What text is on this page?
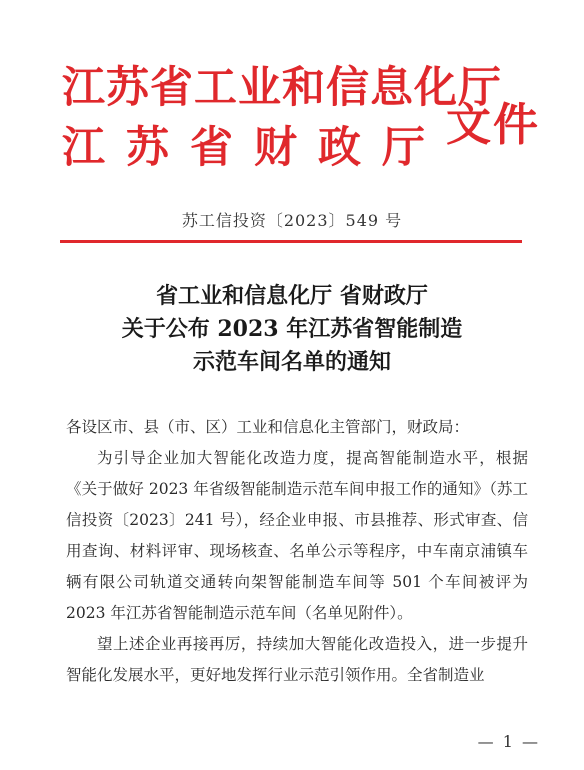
江苏省工业和信息化厅
江苏省财政厅 文件
苏工信投资〔2023〕549 号
省工业和信息化厅 省财政厅
关于公布 2023 年江苏省智能制造
示范车间名单的通知

各设区市、县（市、区）工业和信息化主管部门，财政局：

为引导企业加大智能化改造力度，提高智能制造水平，根据《关于做好 2023 年省级智能制造示范车间申报工作的通知》（苏工信投资〔2023〕241 号），经企业申报、市县推荐、形式审查、信用查询、材料评审、现场核查、名单公示等程序，中车南京浦镇车辆有限公司轨道交通转向架智能制造车间等 501 个车间被评为 2023 年江苏省智能制造示范车间（名单见附件）。

望上述企业再接再厉，持续加大智能化改造投入，进一步提升智能化发展水平，更好地发挥行业示范引领作用。全省制造业

— 1 —
